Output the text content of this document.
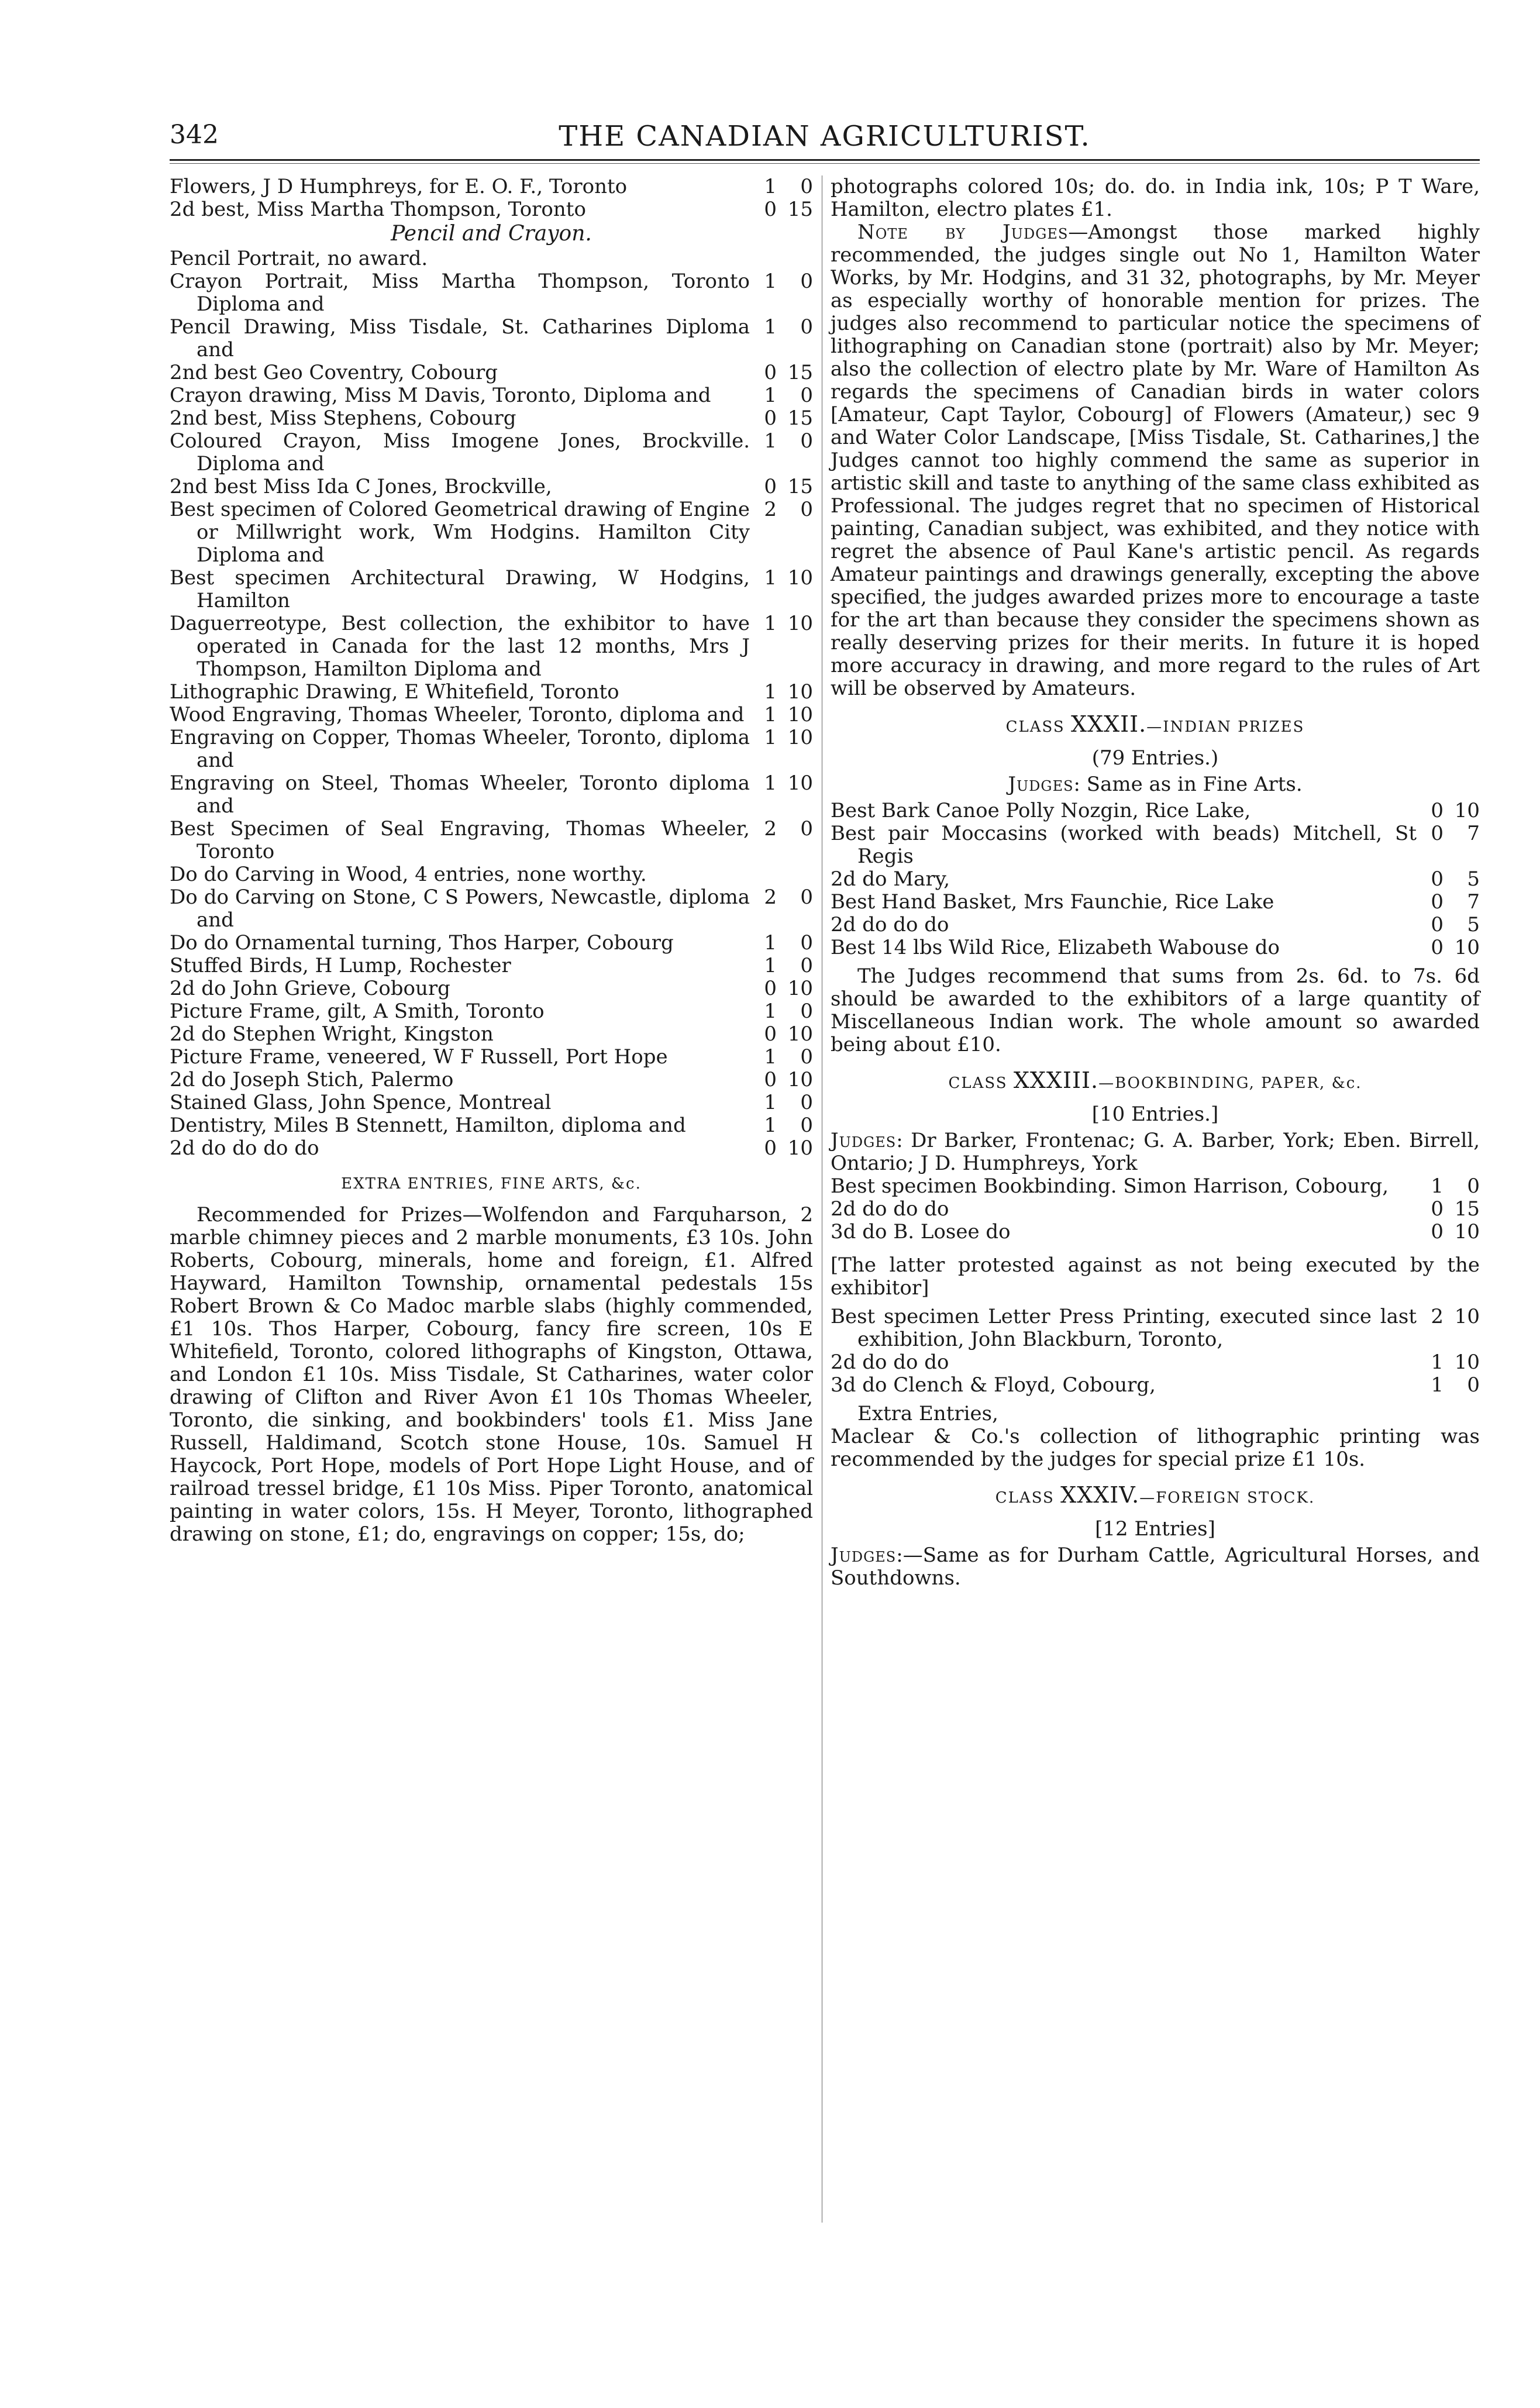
342	THE CANADIAN AGRICULTURIST.
Flowers, J D Humphreys, for E. O. F., Toronto	1	0
2d best, Miss Martha Thompson, Toronto	0 15
Pencil and Crayon.
Pencil Portrait, no award.
Crayon Portrait, Miss Martha Thompson, Toronto Diploma and
1	0
Pencil Drawing, Miss Tisdale, St. Catharines Diploma and
1	0
2nd best Geo Coventry, Cobourg	0 15
Crayon drawing, Miss M Davis, Toronto, Diploma and	1	0
2nd best, Miss Stephens, Cobourg	0 15
Coloured Crayon, Miss Imogene Jones, Brockville. Diploma and
1	0
2nd best Miss Ida C Jones, Brockville,	0 15
Best specimen of Colored Geometrical drawing of Engine or Millwright work, Wm Hodgins. Hamilton City Diploma and
2	0
Best specimen Architectural Drawing, W Hodgins, Hamilton
1 10
Daguerreotype, Best collection, the exhibitor to have operated in Canada for the last 12 months, Mrs J Thompson, Hamilton Diploma and
1 10
Lithographic Drawing, E Whitefield, Toronto	1 10
Wood Engraving, Thomas Wheeler, Toronto, diploma and 1 10
Engraving on Copper, Thomas Wheeler, Toronto, diploma and
1 10
Engraving on Steel, Thomas Wheeler, Toronto diploma and
1 10
Best Specimen of Seal Engraving, Thomas Wheeler, Toronto
2	0
Do do Carving in Wood, 4 entries, none worthy.
Do do Carving on Stone, C S Powers, Newcastle, diploma and
2	0
Do do Ornamental turning, Thos Harper, Cobourg	1	0
Stuffed Birds, H Lump, Rochester	1	0
2d do John Grieve, Cobourg	0 10
Picture Frame, gilt, A Smith, Toronto	1	0
2d do Stephen Wright, Kingston	0 10
Picture Frame, veneered, W F Russell, Port Hope	1	0
2d do Joseph Stich, Palermo	0 10
Stained Glass, John Spence, Montreal	1	0
Dentistry, Miles B Stennett, Hamilton, diploma and	1	0
2d do do do do	0 10
EXTRA ENTRIES, FINE ARTS, &c.

Recommended for Prizes—Wolfendon and Farquharson, 2 marble chimney pieces and 2 marble monuments, £3 10s. John Roberts, Cobourg, minerals, home and foreign, £1. Alfred Hayward, Hamilton Township, ornamental pedestals 15s Robert Brown & Co Madoc marble slabs (highly commended, £1 10s. Thos Harper, Cobourg, fancy fire screen, 10s E Whitefield, Toronto, colored lithographs of Kingston, Ottawa, and London £1 10s. Miss Tisdale, St Catharines, water color drawing of Clifton and River Avon £1 10s Thomas Wheeler, Toronto, die sinking, and bookbinders' tools £1. Miss Jane Russell, Haldimand, Scotch stone House, 10s. Samuel H Haycock, Port Hope, models of Port Hope Light House, and of railroad tressel bridge, £1 10s Miss. Piper Toronto, anatomical painting in water colors, 15s. H Meyer, Toronto, lithographed drawing on stone, £1; do, engravings on copper; 15s, do;

photographs colored 10s; do. do. in India ink, 10s; P T Ware, Hamilton, electro plates £1.

Note by Judges—Amongst those marked highly recommended, the judges single out No 1, Hamilton Water Works, by Mr. Hodgins, and 31 32, photographs, by Mr. Meyer as especially worthy of honorable mention for prizes. The judges also recommend to particular notice the specimens of lithographing on Canadian stone (portrait) also by Mr. Meyer; also the collection of electro plate by Mr. Ware of Hamilton As regards the specimens of Canadian birds in water colors [Amateur, Capt Taylor, Cobourg] of Flowers (Amateur,) sec 9 and Water Color Landscape, [Miss Tisdale, St. Catharines,] the Judges cannot too highly commend the same as superior in artistic skill and taste to anything of the same class exhibited as Professional. The judges regret that no specimen of Historical painting, Canadian subject, was exhibited, and they notice with regret the absence of Paul Kane's artistic pencil. As regards Amateur paintings and drawings generally, excepting the above specified, the judges awarded prizes more to encourage a taste for the art than because they consider the specimens shown as really deserving prizes for their merits. In future it is hoped more accuracy in drawing, and more regard to the rules of Art will be observed by Amateurs.

CLASS XXXII.—INDIAN PRIZES
(79 Entries.)
Judges: Same as in Fine Arts.
Best Bark Canoe Polly Nozgin, Rice Lake,	0 10
Best pair Moccasins (worked with beads) Mitchell, St Regis
0	7
2d do Mary,	0	5
Best Hand Basket, Mrs Faunchie, Rice Lake	0	7
2d do do do	0	5
Best 14 lbs Wild Rice, Elizabeth Wabouse do	0 10

The Judges recommend that sums from 2s. 6d. to 7s. 6d should be awarded to the exhibitors of a large quantity of Miscellaneous Indian work. The whole amount so awarded being about £10.

CLASS XXXIII.—BOOKBINDING, PAPER, &c.
[10 Entries.]

Judges: Dr Barker, Frontenac; G. A. Barber, York; Eben. Birrell, Ontario; J D. Humphreys, York

Best specimen Bookbinding. Simon Harrison, Cobourg,	1	0
2d do do do	0 15
3d do B. Losee do	0 10

[The latter protested against as not being executed by the exhibitor]

Best specimen Letter Press Printing, executed since last exhibition, John Blackburn, Toronto,
2 10
2d do do do	1 10
3d do Clench & Floyd, Cobourg,	1	0

Extra Entries,

Maclear & Co.'s collection of lithographic printing was recommended by the judges for special prize £1 10s.

CLASS XXXIV.—FOREIGN STOCK.
[12 Entries]

Judges:—Same as for Durham Cattle, Agricultural Horses, and Southdowns.
